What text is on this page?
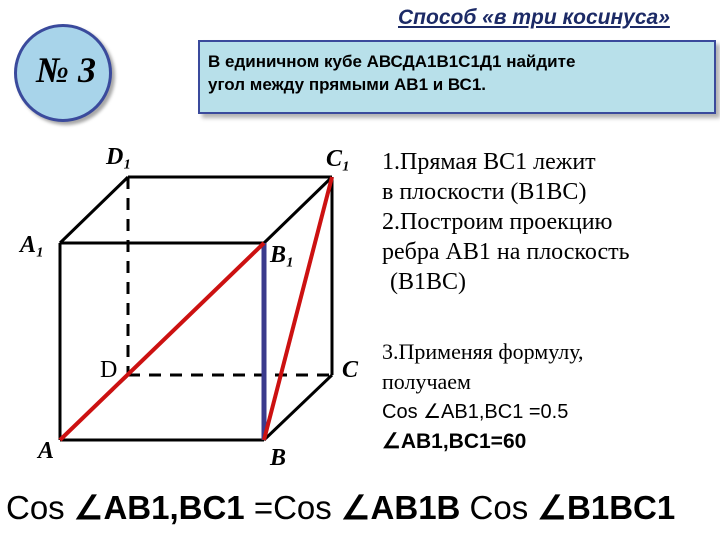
Способ «в три косинуса»
№ 3	В единичном кубе АВСДА1В1С1Д1 найдите
угол между прямыми АВ1 и ВС1.
D₁	C₁
A₁	B₁
D	C
A	B
1.Прямая ВС1 лежит
в плоскости (В1ВС)
2.Построим проекцию
ребра АВ1 на плоскость
(В1ВС)
3.Применяя формулу,
получаем
Cos ∠AB1,BC1 =0.5
∠AB1,BC1=60
Cos ∠AB1,BC1 =Cos ∠AB1B Cos ∠B1BC1
